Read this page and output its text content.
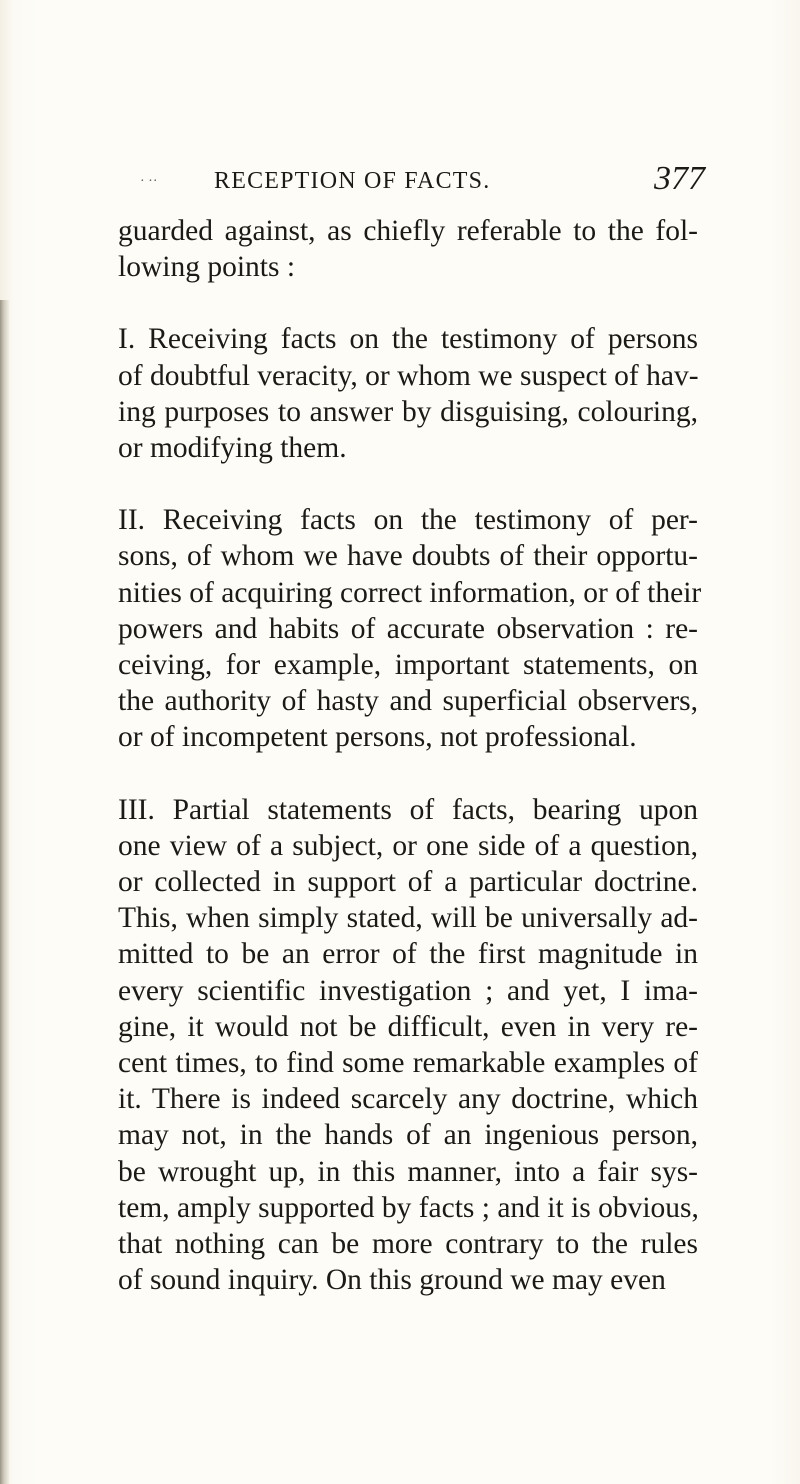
· ·· RECEPTION OF FACTS.	377
guarded against, as chiefly referable to the fol-
lowing points :
I. Receiving facts on the testimony of persons
of doubtful veracity, or whom we suspect of hav-
ing purposes to answer by disguising, colouring,
or modifying them.
II. Receiving facts on the testimony of per-
sons, of whom we have doubts of their opportu-
nities of acquiring correct information, or of their
powers and habits of accurate observation : re-
ceiving, for example, important statements, on
the authority of hasty and superficial observers,
or of incompetent persons, not professional.
III. Partial statements of facts, bearing upon
one view of a subject, or one side of a question,
or collected in support of a particular doctrine.
This, when simply stated, will be universally ad-
mitted to be an error of the first magnitude in
every scientific investigation ; and yet, I ima-
gine, it would not be difficult, even in very re-
cent times, to find some remarkable examples of
it. There is indeed scarcely any doctrine, which
may not, in the hands of an ingenious person,
be wrought up, in this manner, into a fair sys-
tem, amply supported by facts ; and it is obvious,
that nothing can be more contrary to the rules
of sound inquiry. On this ground we may even
